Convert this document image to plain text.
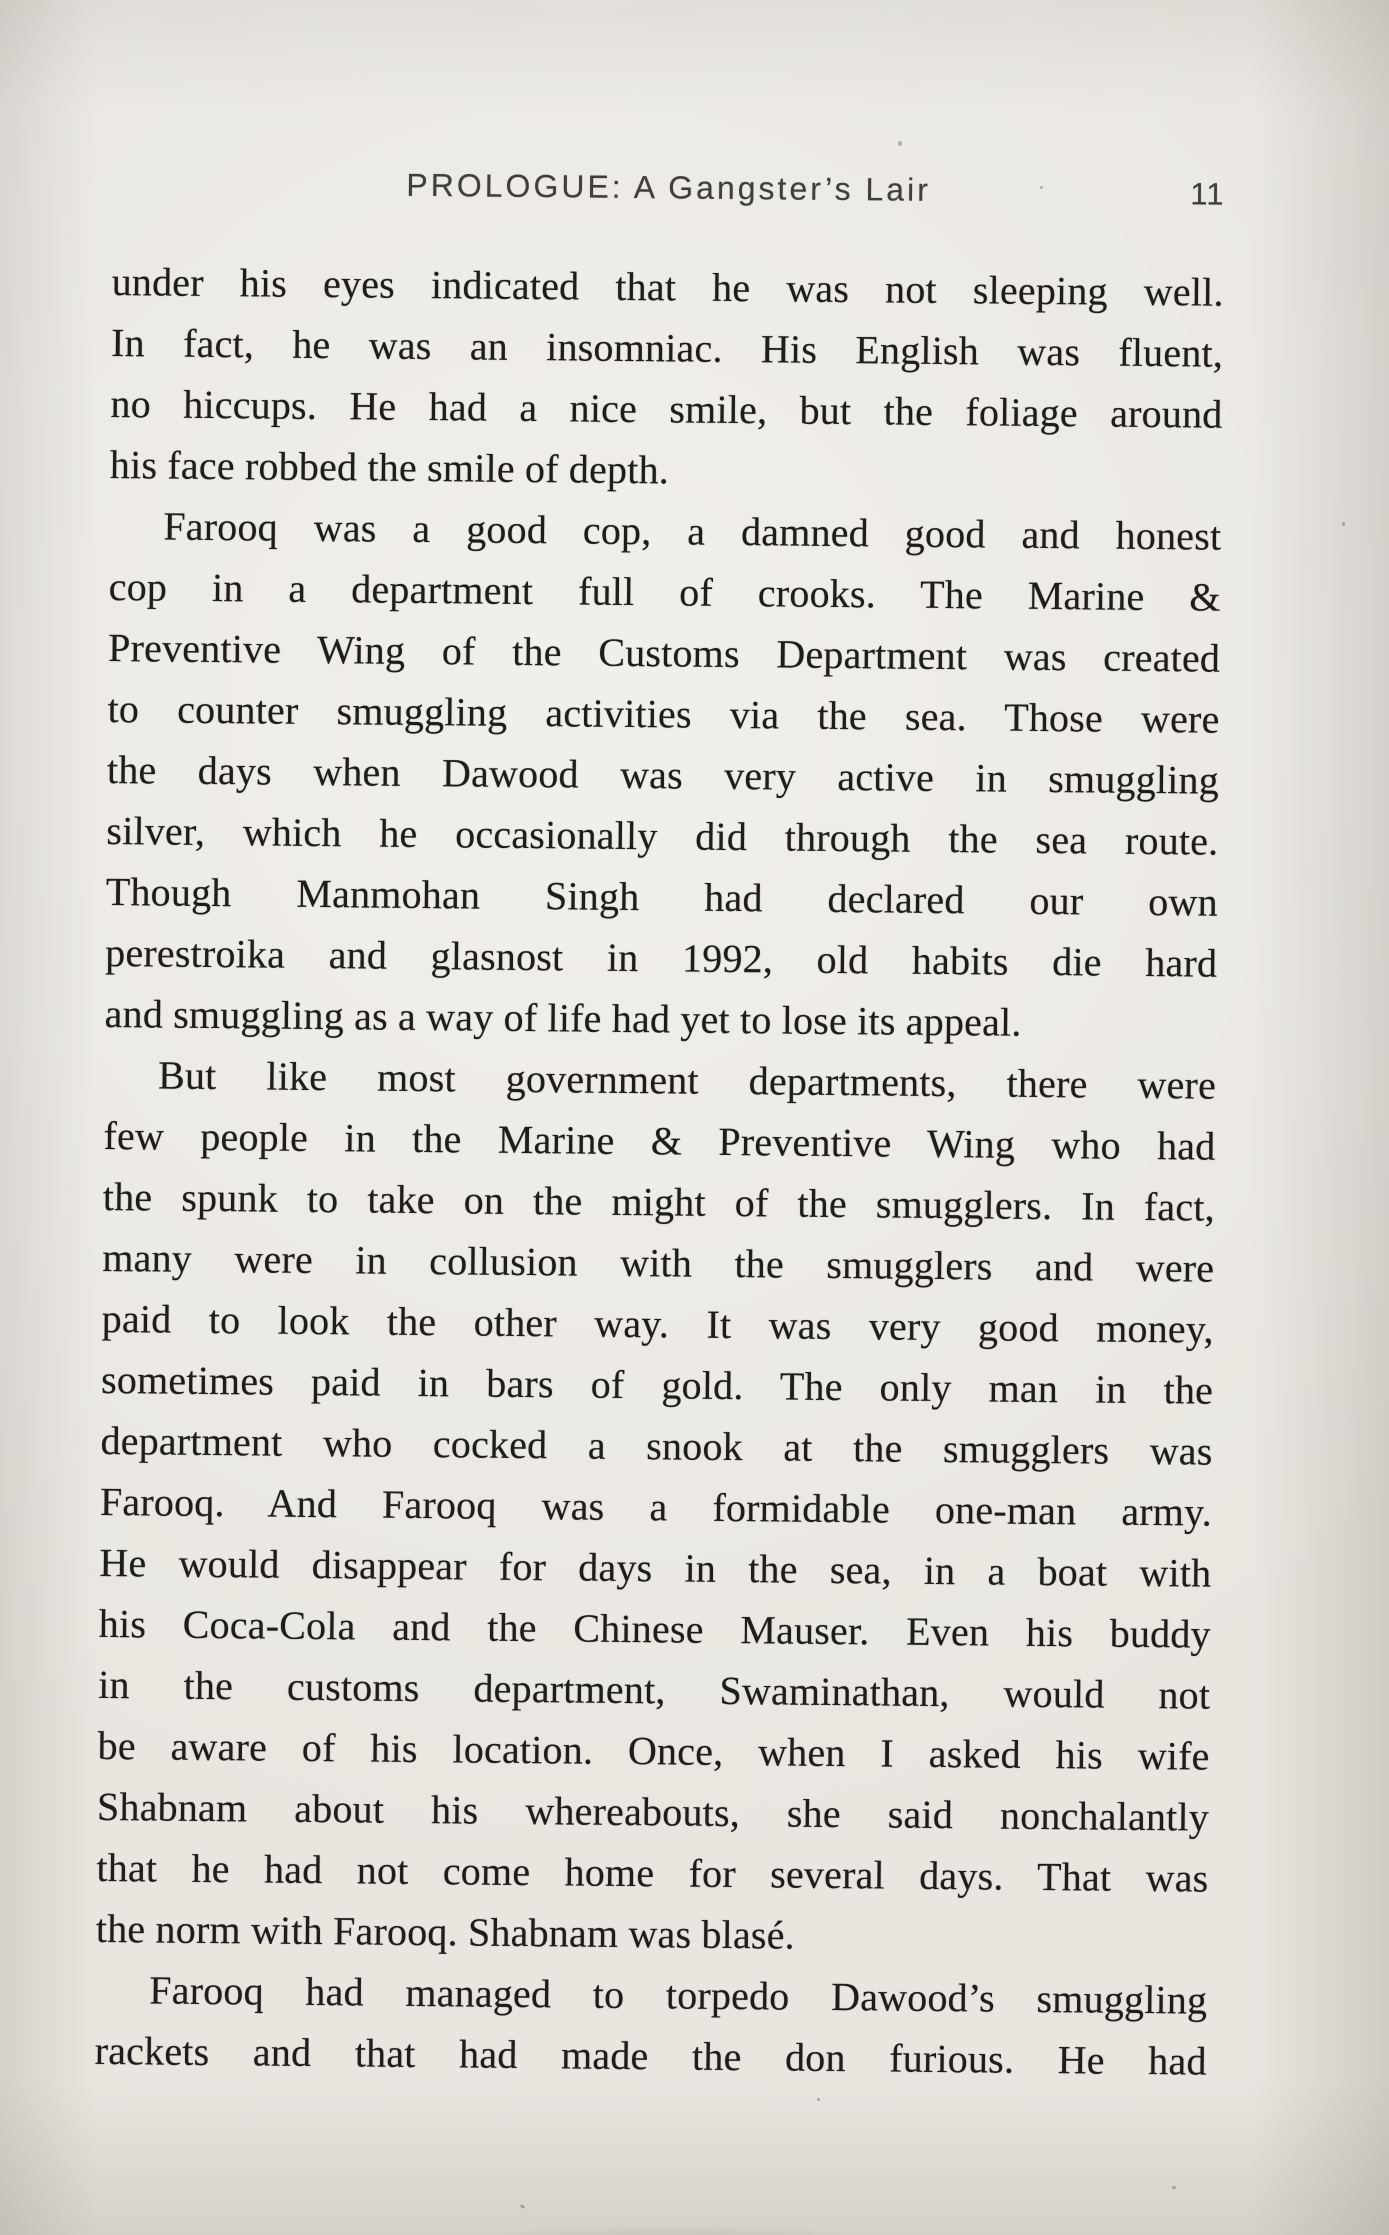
PROLOGUE: A Gangster’s Lair	11
under his eyes indicated that he was not sleeping well.
In fact, he was an insomniac. His English was fluent,
no hiccups. He had a nice smile, but the foliage around
his face robbed the smile of depth.
Farooq was a good cop, a damned good and honest
cop in a department full of crooks. The Marine &
Preventive Wing of the Customs Department was created
to counter smuggling activities via the sea. Those were
the days when Dawood was very active in smuggling
silver, which he occasionally did through the sea route.
Though Manmohan Singh had declared our own
perestroika and glasnost in 1992, old habits die hard
and smuggling as a way of life had yet to lose its appeal.
But like most government departments, there were
few people in the Marine & Preventive Wing who had
the spunk to take on the might of the smugglers. In fact,
many were in collusion with the smugglers and were
paid to look the other way. It was very good money,
sometimes paid in bars of gold. The only man in the
department who cocked a snook at the smugglers was
Farooq. And Farooq was a formidable one-man army.
He would disappear for days in the sea, in a boat with
his Coca-Cola and the Chinese Mauser. Even his buddy
in the customs department, Swaminathan, would not
be aware of his location. Once, when I asked his wife
Shabnam about his whereabouts, she said nonchalantly
that he had not come home for several days. That was
the norm with Farooq. Shabnam was blasé.
Farooq had managed to torpedo Dawood’s smuggling
rackets and that had made the don furious. He had
